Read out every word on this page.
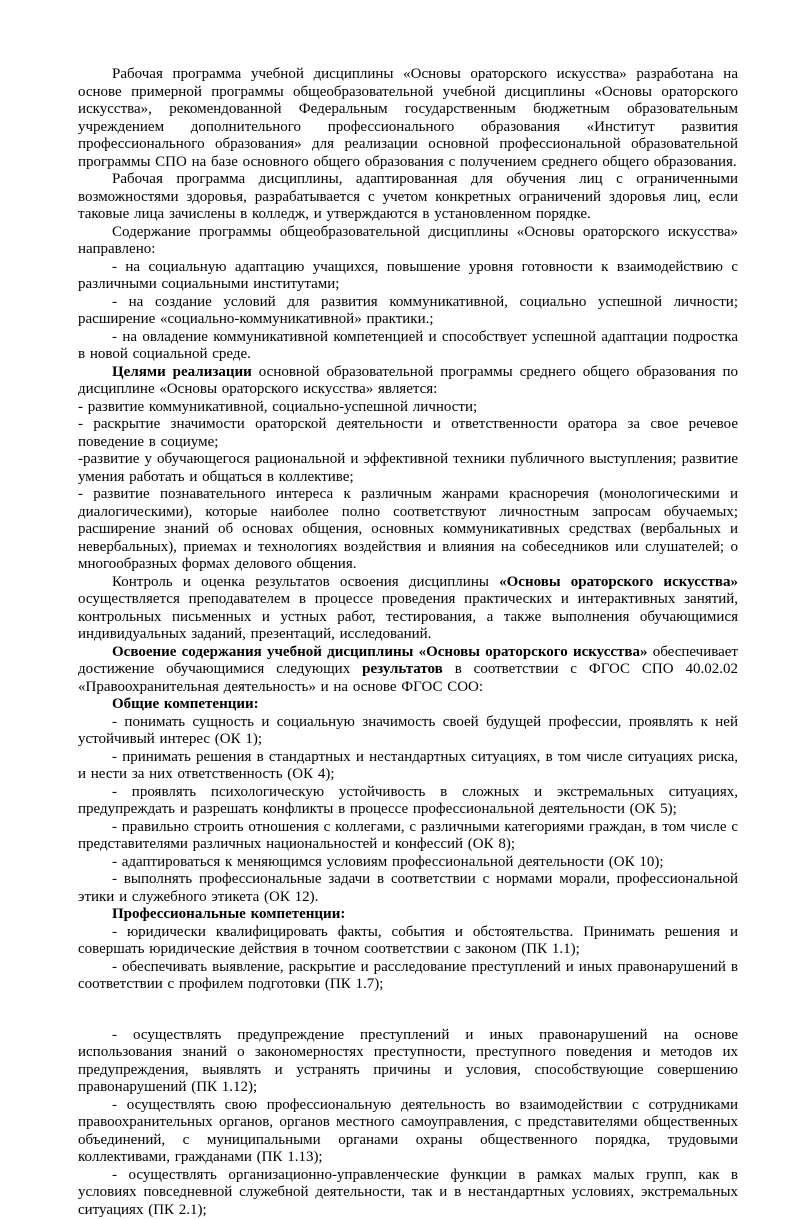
Рабочая программа учебной дисциплины «Основы ораторского искусства» разработана на основе примерной программы общеобразовательной учебной дисциплины «Основы ораторского искусства», рекомендованной Федеральным государственным бюджетным образовательным учреждением дополнительного профессионального образования «Институт развития профессионального образования» для реализации основной профессиональной образовательной программы СПО на базе основного общего образования с получением среднего общего образования.

Рабочая программа дисциплины, адаптированная для обучения лиц с ограниченными возможностями здоровья, разрабатывается с учетом конкретных ограничений здоровья лиц, если таковые лица зачислены в колледж, и утверждаются в установленном порядке.

Содержание программы общеобразовательной дисциплины «Основы ораторского искусства» направлено:

- на социальную адаптацию учащихся, повышение уровня готовности к взаимодействию с различными социальными институтами;

- на создание условий для развития коммуникативной, социально успешной личности; расширение «социально-коммуникативной» практики.;

- на овладение коммуникативной компетенцией и способствует успешной адаптации подростка в новой социальной среде.

Целями реализации основной образовательной программы среднего общего образования по дисциплине «Основы ораторского искусства» является:

- развитие коммуникативной, социально-успешной личности;

- раскрытие значимости ораторской деятельности и ответственности оратора за свое речевое поведение в социуме;

-развитие у обучающегося рациональной и эффективной техники публичного выступления; развитие умения работать и общаться в коллективе;

- развитие познавательного интереса к различным жанрами красноречия (монологическими и диалогическими), которые наиболее полно соответствуют личностным запросам обучаемых; расширение знаний об основах общения, основных коммуникативных средствах (вербальных и невербальных), приемах и технологиях воздействия и влияния на собеседников или слушателей; о многообразных формах делового общения.

Контроль и оценка результатов освоения дисциплины «Основы ораторского искусства» осуществляется преподавателем в процессе проведения практических и интерактивных занятий, контрольных письменных и устных работ, тестирования, а также выполнения обучающимися индивидуальных заданий, презентаций, исследований.

Освоение содержания учебной дисциплины «Основы ораторского искусства» обеспечивает достижение обучающимися следующих результатов в соответствии с ФГОС СПО 40.02.02 «Правоохранительная деятельность» и на основе ФГОС СОО:

Общие компетенции:

- понимать сущность и социальную значимость своей будущей профессии, проявлять к ней устойчивый интерес (ОК 1);

- принимать решения в стандартных и нестандартных ситуациях, в том числе ситуациях риска, и нести за них ответственность (ОК 4);

- проявлять психологическую устойчивость в сложных и экстремальных ситуациях, предупреждать и разрешать конфликты в процессе профессиональной деятельности (ОК 5);

- правильно строить отношения с коллегами, с различными категориями граждан, в том числе с представителями различных национальностей и конфессий (ОК 8);

- адаптироваться к меняющимся условиям профессиональной деятельности (ОК 10);

- выполнять профессиональные задачи в соответствии с нормами морали, профессиональной этики и служебного этикета (ОК 12).

Профессиональные компетенции:

- юридически квалифицировать факты, события и обстоятельства. Принимать решения и совершать юридические действия в точном соответствии с законом (ПК 1.1);

- обеспечивать выявление, раскрытие и расследование преступлений и иных правонарушений в соответствии с профилем подготовки (ПК 1.7);

- осуществлять предупреждение преступлений и иных правонарушений на основе использования знаний о закономерностях преступности, преступного поведения и методов их предупреждения, выявлять и устранять причины и условия, способствующие совершению правонарушений (ПК 1.12);

- осуществлять свою профессиональную деятельность во взаимодействии с сотрудниками правоохранительных органов, органов местного самоуправления, с представителями общественных объединений, с муниципальными органами охраны общественного порядка, трудовыми коллективами, гражданами (ПК 1.13);

- осуществлять организационно-управленческие функции в рамках малых групп, как в условиях повседневной служебной деятельности, так и в нестандартных условиях, экстремальных ситуациях (ПК 2.1);
